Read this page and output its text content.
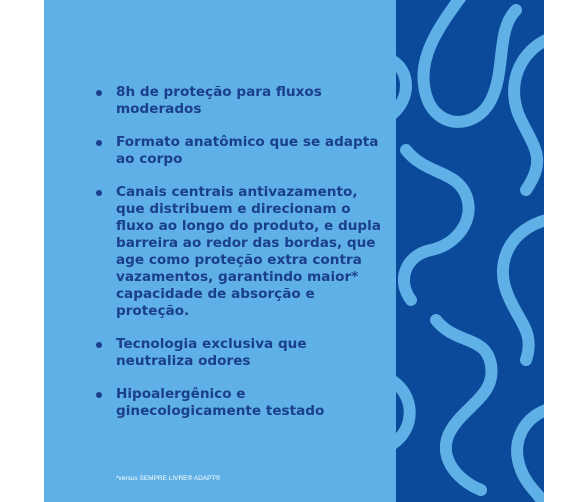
8h de proteção para fluxos moderados
Formato anatômico que se adapta ao corpo
Canais centrais antivazamento, que distribuem e direcionam o fluxo ao longo do produto, e dupla barreira ao redor das bordas, que age como proteção extra contra vazamentos, garantindo maior* capacidade de absorção e proteção.
Tecnologia exclusiva que neutraliza odores
Hipoalergênico e ginecologicamente testado
*versus SEMPRE LIVRE® ADAPT®
